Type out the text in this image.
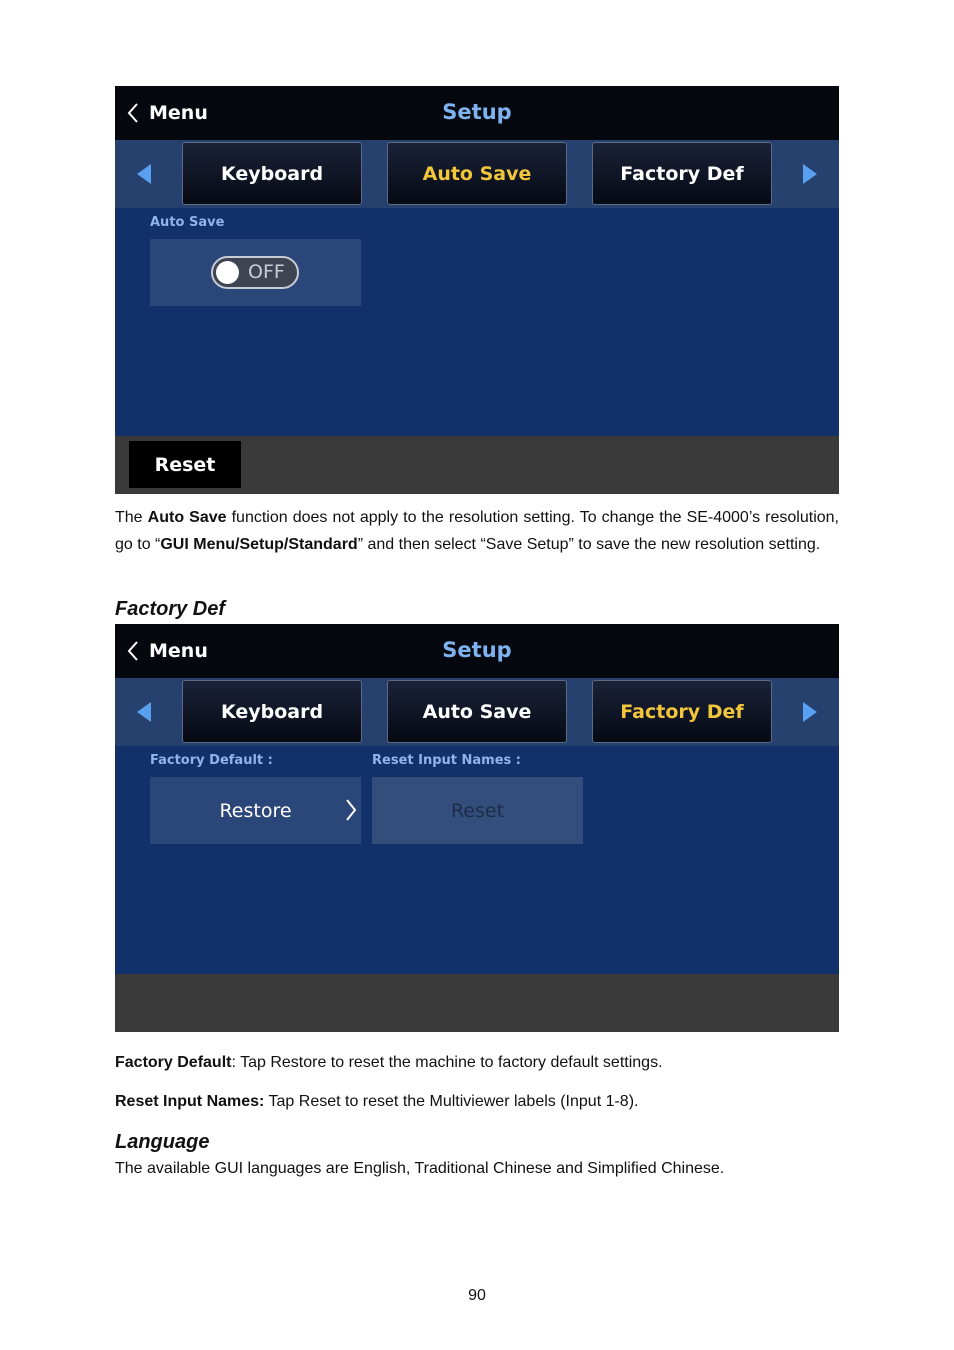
Menu	Setup
Keyboard	Auto Save	Factory Def
Auto Save
OFF
Reset

The Auto Save function does not apply to the resolution setting. To change the SE-4000’s resolution, go to “GUI Menu/Setup/Standard” and then select “Save Setup” to save the new resolution setting.

Factory Def
Menu	Setup
Keyboard	Auto Save	Factory Def
Factory Default :	Reset Input Names :
Restore	Reset

Factory Default: Tap Restore to reset the machine to factory default settings.

Reset Input Names: Tap Reset to reset the Multiviewer labels (Input 1-8).

Language

The available GUI languages are English, Traditional Chinese and Simplified Chinese.

90
